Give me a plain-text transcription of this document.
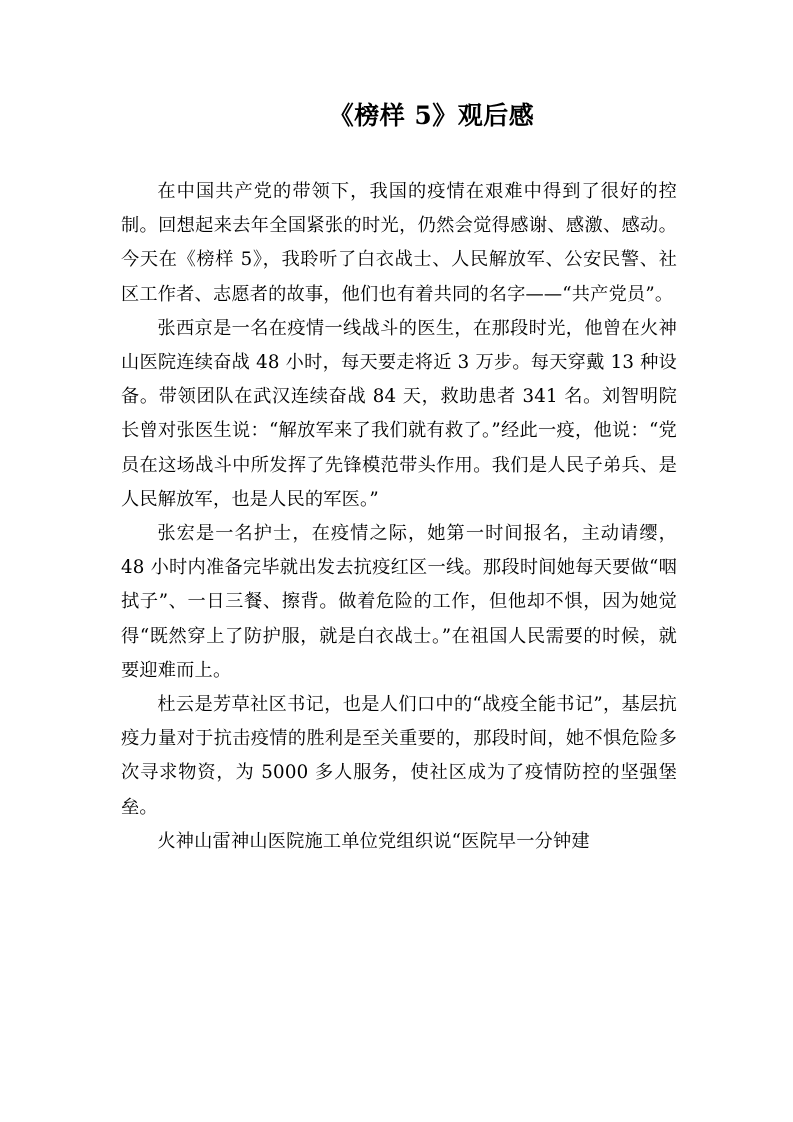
《榜样 5》观后感

在中国共产党的带领下，我国的疫情在艰难中得到了很好的控制。回想起来去年全国紧张的时光，仍然会觉得感谢、感激、感动。今天在《榜样 5》，我聆听了白衣战士、人民解放军、公安民警、社区工作者、志愿者的故事，他们也有着共同的名字——“共产党员”。

张西京是一名在疫情一线战斗的医生，在那段时光，他曾在火神山医院连续奋战 48 小时，每天要走将近 3 万步。每天穿戴 13 种设备。带领团队在武汉连续奋战 84 天，救助患者 341 名。刘智明院长曾对张医生说：“解放军来了我们就有救了。”经此一疫，他说：“党员在这场战斗中所发挥了先锋模范带头作用。我们是人民子弟兵、是人民解放军，也是人民的军医。”

张宏是一名护士，在疫情之际，她第一时间报名，主动请缨，48 小时内准备完毕就出发去抗疫红区一线。那段时间她每天要做“咽拭子”、一日三餐、擦背。做着危险的工作，但他却不惧，因为她觉得“既然穿上了防护服，就是白衣战士。”在祖国人民需要的时候，就要迎难而上。

杜云是芳草社区书记，也是人们口中的“战疫全能书记”，基层抗疫力量对于抗击疫情的胜利是至关重要的，那段时间，她不惧危险多次寻求物资，为 5000 多人服务，使社区成为了疫情防控的坚强堡垒。

火神山雷神山医院施工单位党组织说“医院早一分钟建
